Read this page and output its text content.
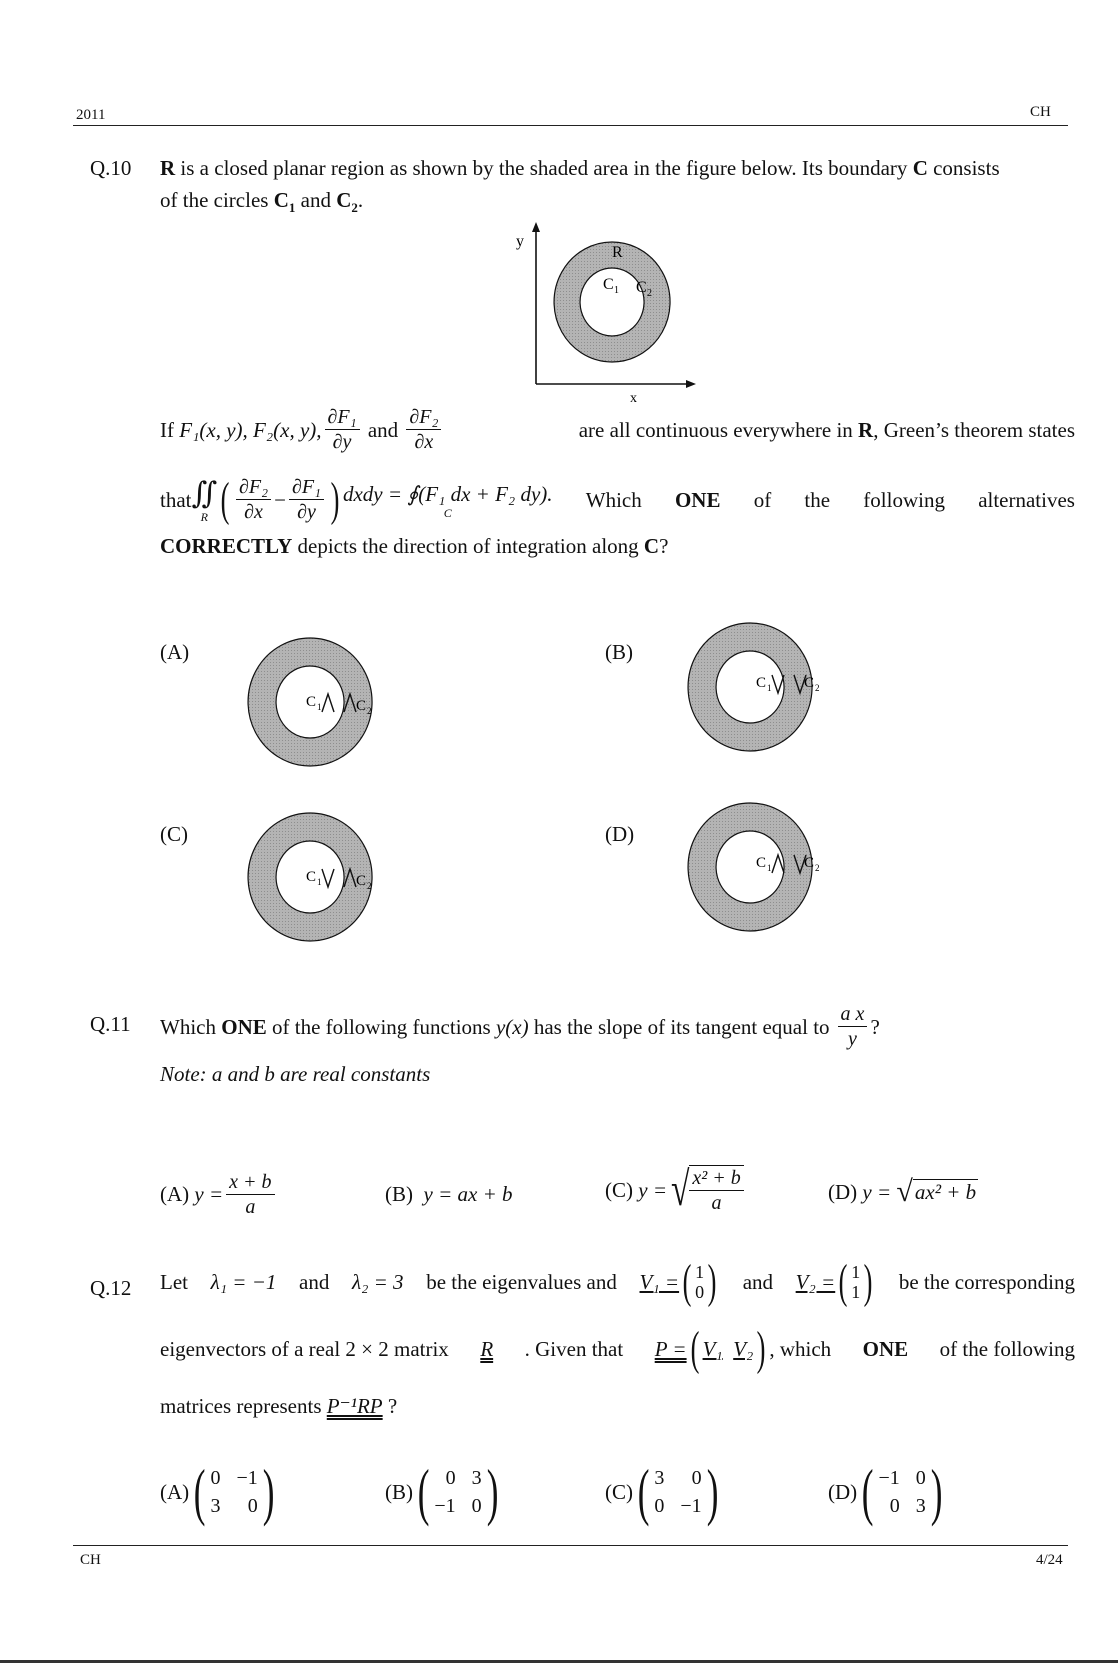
2011	CH
Q.10 R is a closed planar region as shown by the shaded area in the figure below. Its boundary C consists
of the circles $C_1$ and $C_2$.
y
x
R
C 1 C 2
If
F₁(x, y), F₂(x, y), $\frac{\text{∂F₁}}{\partial y}$
and
$\frac{\text{∂F₂}}{\partial x}$	are all continuous everywhere in R, Green’s theorem states
that ∬
R ( $\frac{\text{∂F₂}}{\partial x} - \frac{\text{∂F₁}}{\partial y}$ ) dxdy = ∮(F₁ dx + F₂ dy).
C
Which ONE of the following alternatives
CORRECTLY depicts the direction of integration along C?
(A)	(B)
(C)	(D)
C 1 C 2
C 1 C 2
C 1 C 2
C 1 C 2
Q.11 Which
ONE
of the following functions
y(x)
has the slope of its tangent equal to $\frac{\text{a x}}{y}$ ?
Note: a and b are real constants
(A)
$y = \frac{x + b}{a}$	(B) y = ax + b	(C)
y = √ $\frac{\text{x² + b}}{a}$	(D)
y =
√ ax² + b
Q.12 Let λ₁ = −1 and λ₂ = 3 be the eigenvalues and V₁ = ( 1
0 ) and V₂ = ( 1
1 ) be the corresponding
eigenvectors of a real 2 × 2 matrix R . Given that P = ( V₁
V₂ ) , which ONE of the following
matrices represents P⁻¹RP ?
(A) ( 0 −1
3	0 )	(B) ( 0 3
−1 0 )	(C) ( 3	0
0 −1 )	(D) ( −1 0
0 3 )
CH	4/24
